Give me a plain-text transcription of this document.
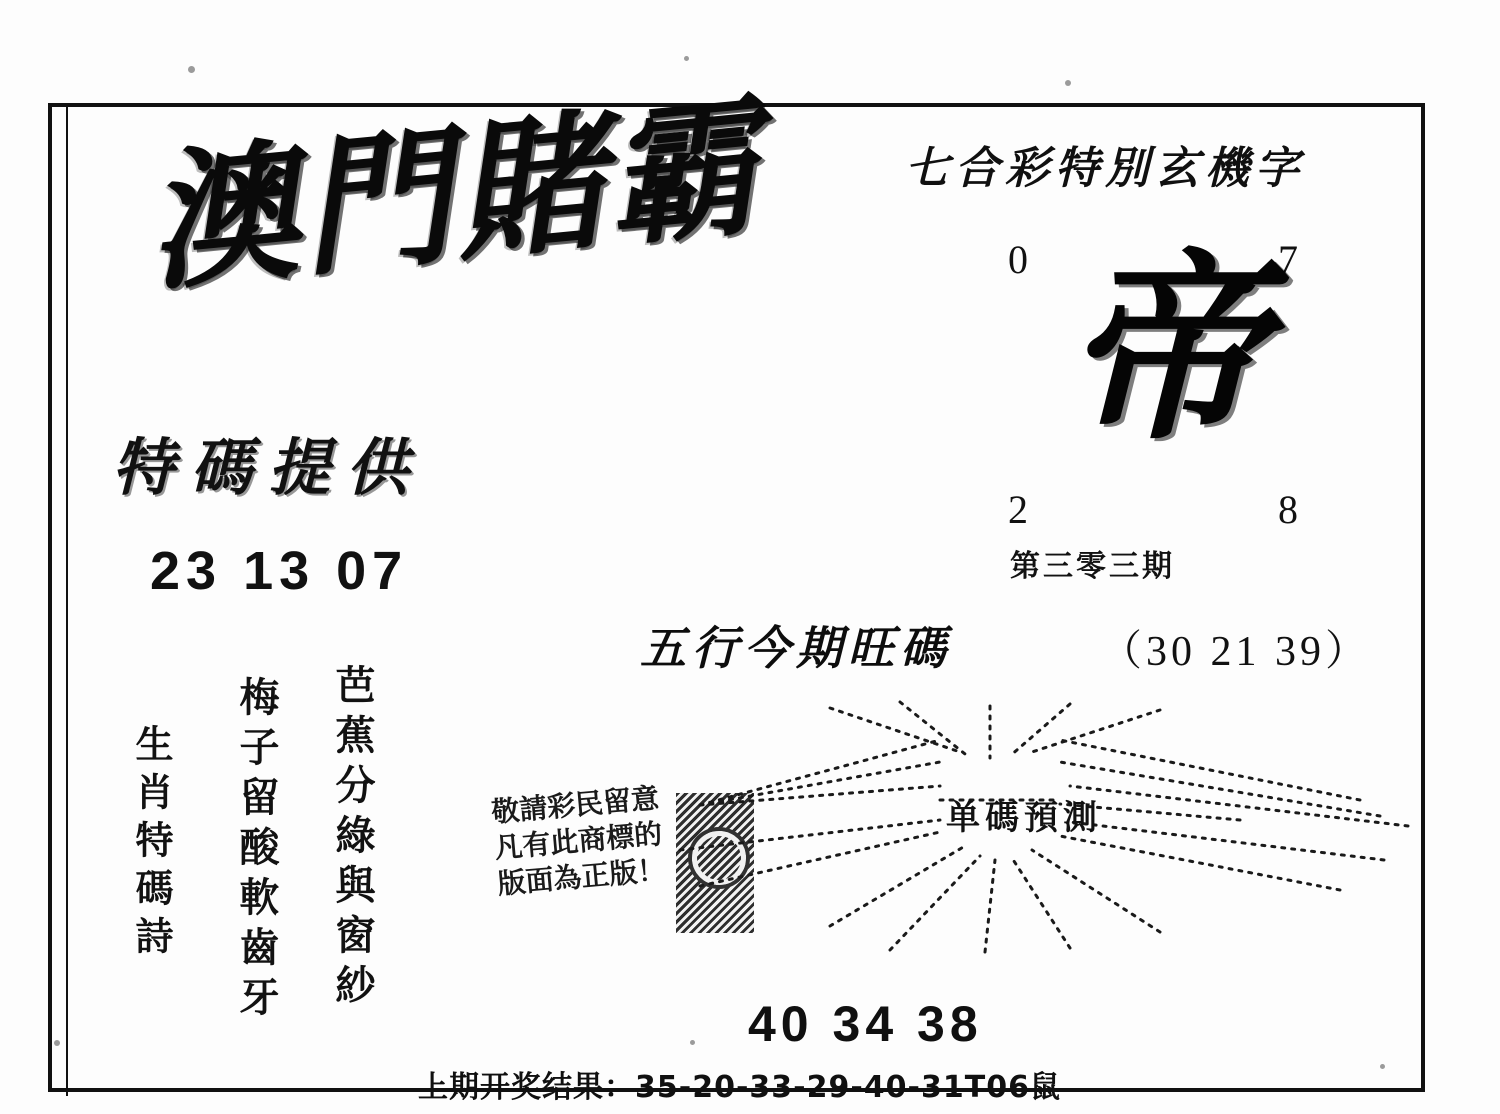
澳門賭霸
特碼提供
23 13 07
生肖特碼詩 梅子留酸軟齒牙 芭蕉分綠與窗紗	敬請彩民留意
凡有此商標的
版面為正版！
七合彩特別玄機字
0	7
2	8
帝
第三零三期
五行今期旺碼	（30 21 39）
单碼預測
40 34 38
上期开奖结果：35-20-33-29-40-31T06鼠
